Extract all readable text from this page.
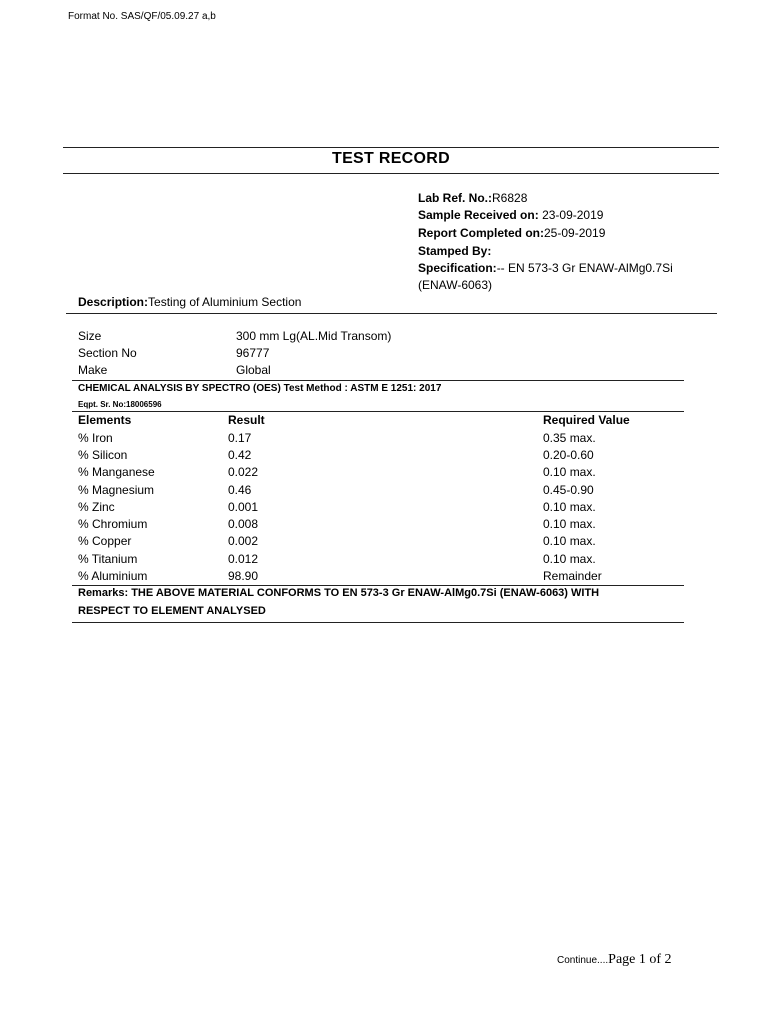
Format No. SAS/QF/05.09.27 a,b
TEST RECORD
Lab Ref. No.:R6828
Sample Received on: 23-09-2019
Report Completed on:25-09-2019
Stamped By:
Specification:-- EN 573-3 Gr ENAW-AlMg0.7Si
(ENAW-6063)
Description:Testing of Aluminium Section
Size	300 mm Lg(AL.Mid Transom)
Section No	96777
Make	Global
CHEMICAL ANALYSIS BY SPECTRO (OES) Test Method : ASTM E 1251: 2017
Eqpt. Sr. No:18006596
Elements	Result	Required Value
% Iron	0.17	0.35 max.
% Silicon	0.42	0.20-0.60
% Manganese	0.022	0.10 max.
% Magnesium	0.46	0.45-0.90
% Zinc	0.001	0.10 max.
% Chromium	0.008	0.10 max.
% Copper	0.002	0.10 max.
% Titanium	0.012	0.10 max.
% Aluminium	98.90	Remainder
Remarks: THE ABOVE MATERIAL CONFORMS TO EN 573-3 Gr ENAW-AlMg0.7Si (ENAW-6063) WITH
RESPECT TO ELEMENT ANALYSED
Continue....Page 1 of 2
